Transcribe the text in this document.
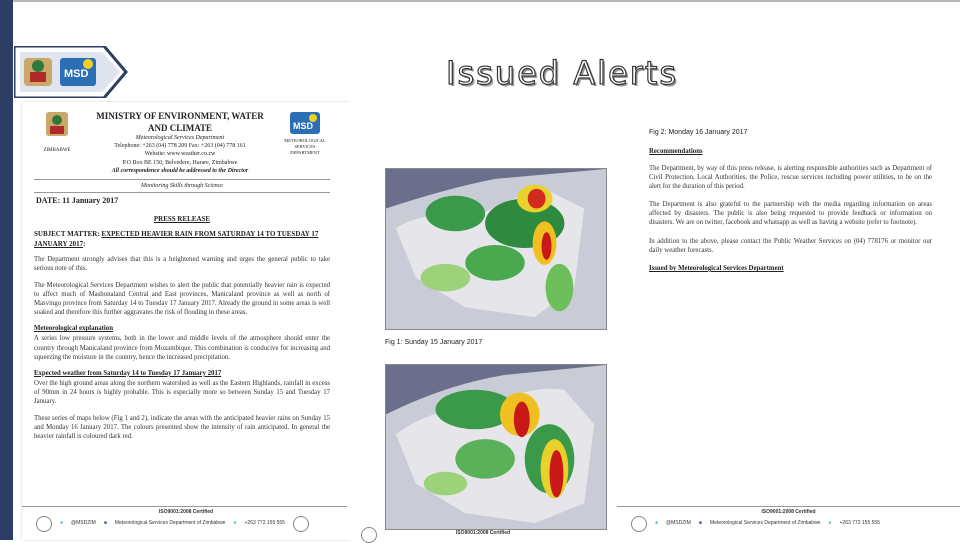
MSD	Issued Alerts
ZIMBABWE
MINISTRY OF ENVIRONMENT, WATER AND CLIMATE
Meteorological Services Department
Telephone: +263 (04) 778 209 Fax: +263 (04) 778 161
Website: www.weather.co.zw
P.O Box BE 150, Belvedere, Harare, Zimbabwe
All correspondence should be addressed to the Director
MSD
METEOROLOGICAL SERVICES DEPARTMENT
Monitoring Skills through Science
DATE: 11 January 2017
PRESS RELEASE
SUBJECT MATTER: EXPECTED HEAVIER RAIN FROM SATURDAY 14 TO TUESDAY 17 JANUARY 2017:
The Department strongly advises that this is a heightened warning and urges the general public to take serious note of this.
The Meteorological Services Department wishes to alert the public that potentially heavier rain is expected to affect much of Mashonaland Central and East provinces, Manicaland province as well as north of Masvingo province from Saturday 14 to Tuesday 17 January 2017. Already the ground in some areas is well soaked and therefore this further aggravates the risk of flooding in these areas.
Meteorological explanation
A series low pressure systems, both in the lower and middle levels of the atmosphere should enter the country through Manicaland province from Mozambique. This combination is conducive for increasing and squeezing the moisture in the country, hence the increased precipitation.
Expected weather from Saturday 14 to Tuesday 17 January 2017
Over the high ground areas along the northern watershed as well as the Eastern Highlands, rainfall in excess of 90mm in 24 hours is highly probable. This is especially more so between Sunday 15 and Tuesday 17 January.
These series of maps below (Fig 1 and 2), indicate the areas with the anticipated heavier rains on Sunday 15 and Monday 16 January 2017. The colours presented show the intensity of rain anticipated. In general the heavier rainfall is coloured dark red.
ISO9001:2008 Certified
● @MSDZIM ■ Meteorological Services Department of Zimbabwe ● +263 772 155 555
Fig 1: Sunday 15 January 2017
ISO9001:2008 Certified
Fig 2: Monday 16 January 2017
Recommendations
The Department, by way of this press release, is alerting responsible authorities such as Department of Civil Protection, Local Authorities, the Police, rescue services including power utilities, to be on the alert for the duration of this period.
The Department is also grateful to the partnership with the media regarding information on areas affected by disasters. The public is also being requested to provide feedback or information on disasters. We are on twitter, facebook and whatsapp as well as having a website (refer to footnote).
In addition to the above, please contact the Public Weather Services on (04) 778176 or monitor our daily weather forecasts.
Issued by Meteorological Services Department
ISO9001:2008 Certified
● @MSDZIM ■ Meteorological Services Department of Zimbabwe ● +263 772 155 555
